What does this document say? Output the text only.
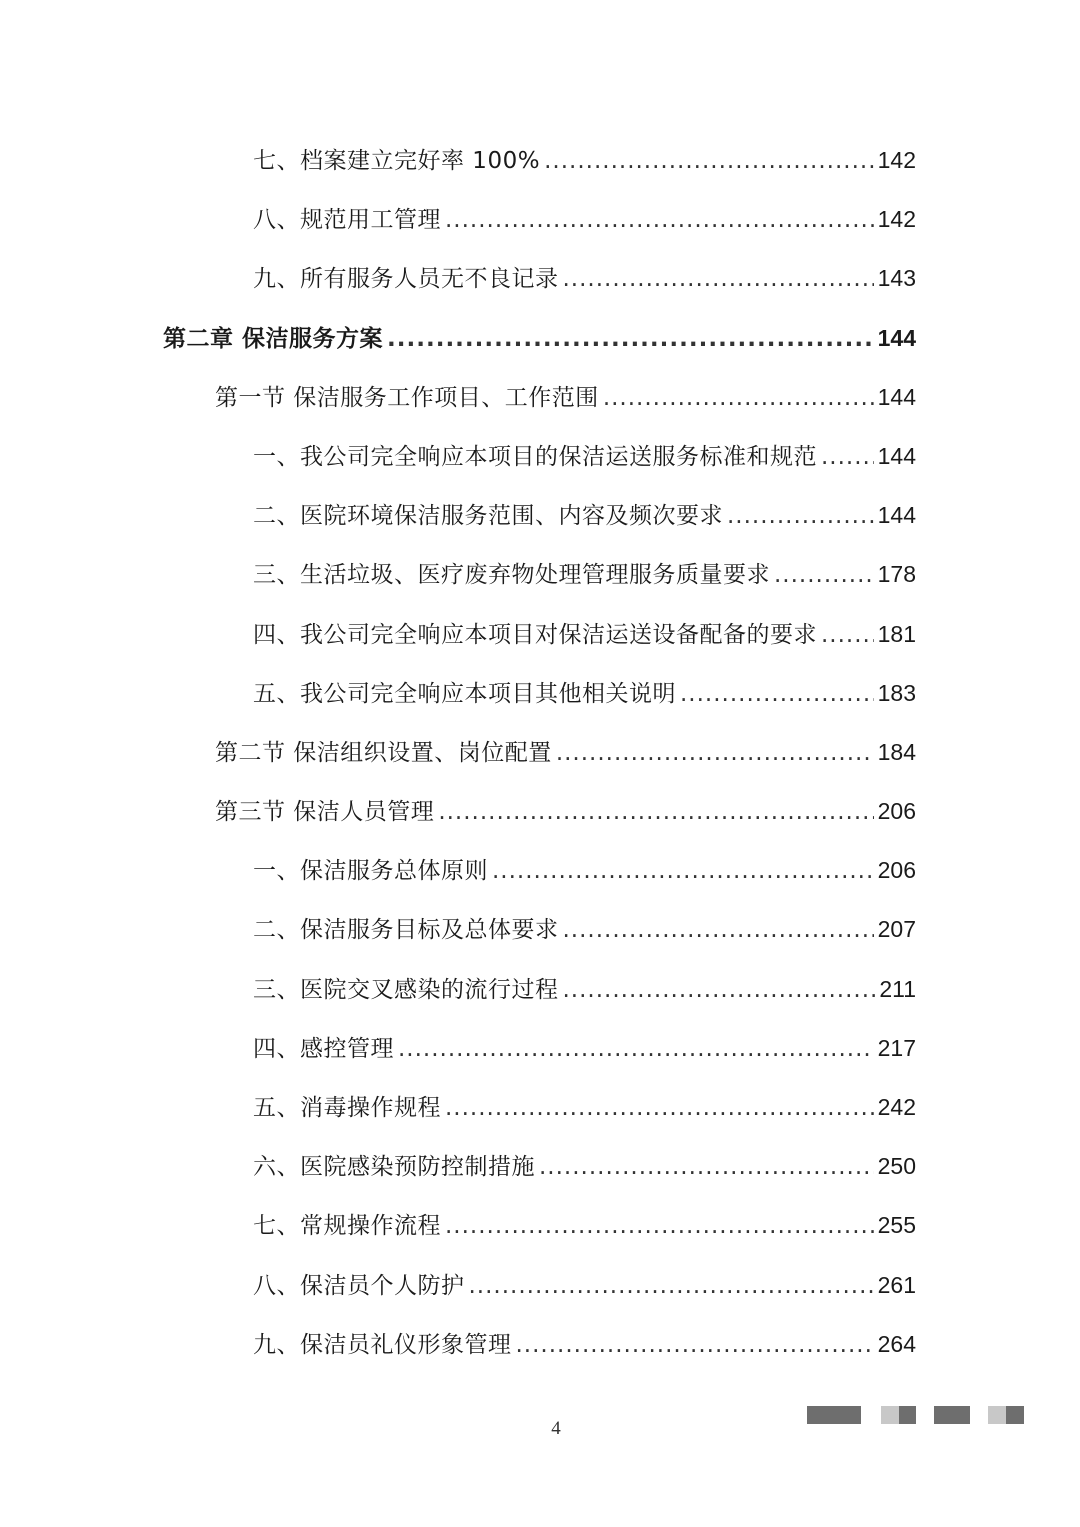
七、档案建立完好率 100% .....	142
八、规范用工管理 .....	142
九、所有服务人员无不良记录 .....	143
第二章 保洁服务方案 .....	144
第一节 保洁服务工作项目、工作范围 .....	144
一、我公司完全响应本项目的保洁运送服务标准和规范 .....	144
二、医院环境保洁服务范围、内容及频次要求 .....	144
三、生活垃圾、医疗废弃物处理管理服务质量要求 .....	178
四、我公司完全响应本项目对保洁运送设备配备的要求 .....	181
五、我公司完全响应本项目其他相关说明 .....	183
第二节 保洁组织设置、岗位配置 .....	184
第三节 保洁人员管理 .....	206
一、保洁服务总体原则 .....	206
二、保洁服务目标及总体要求 .....	207
三、医院交叉感染的流行过程 .....	211
四、感控管理 .....	217
五、消毒操作规程 .....	242
六、医院感染预防控制措施 .....	250
七、常规操作流程 .....	255
八、保洁员个人防护 .....	261
九、保洁员礼仪形象管理 .....	264
4
